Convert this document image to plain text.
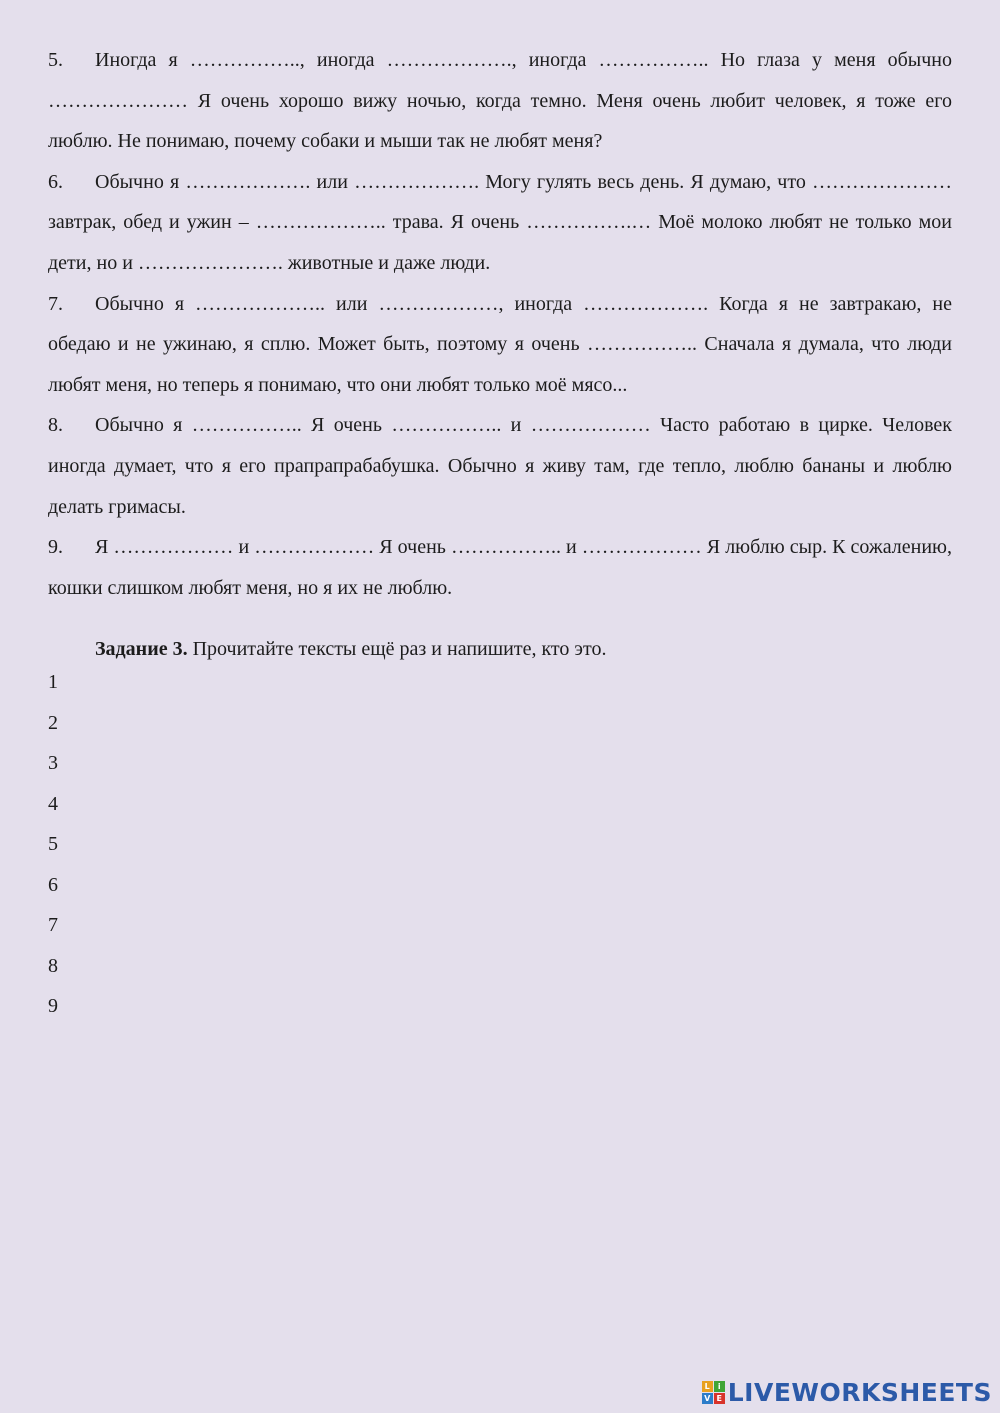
5. Иногда я …………….., иногда ………………., иногда …………….. Но глаза у меня обычно ………………… Я очень хорошо вижу ночью, когда темно. Меня очень любит человек, я тоже его люблю. Не понимаю, почему собаки и мыши так не любят меня?

6. Обычно я ………………. или ………………. Могу гулять весь день. Я думаю, что ………………… завтрак, обед и ужин – ……………….. трава. Я очень …………….… Моё молоко любят не только мои дети, но и …………………. животные и даже люди.

7. Обычно я ……………….. или ………………, иногда ………………. Когда я не завтракаю, не обедаю и не ужинаю, я сплю. Может быть, поэтому я очень …………….. Сначала я думала, что люди любят меня, но теперь я понимаю, что они любят только моё мясо...

8. Обычно я …………….. Я очень …………….. и ……………… Часто работаю в цирке. Человек иногда думает, что я его прапрапрабабушка. Обычно я живу там, где тепло, люблю бананы и люблю делать гримасы.

9. Я ……………… и ……………… Я очень …………….. и ……………… Я люблю сыр. К сожалению, кошки слишком любят меня, но я их не люблю.

Задание 3. Прочитайте тексты ещё раз и напишите, кто это.
1
2
3
4
5
6
7
8
9
L	i
V E LIVEWORKSHEETS
